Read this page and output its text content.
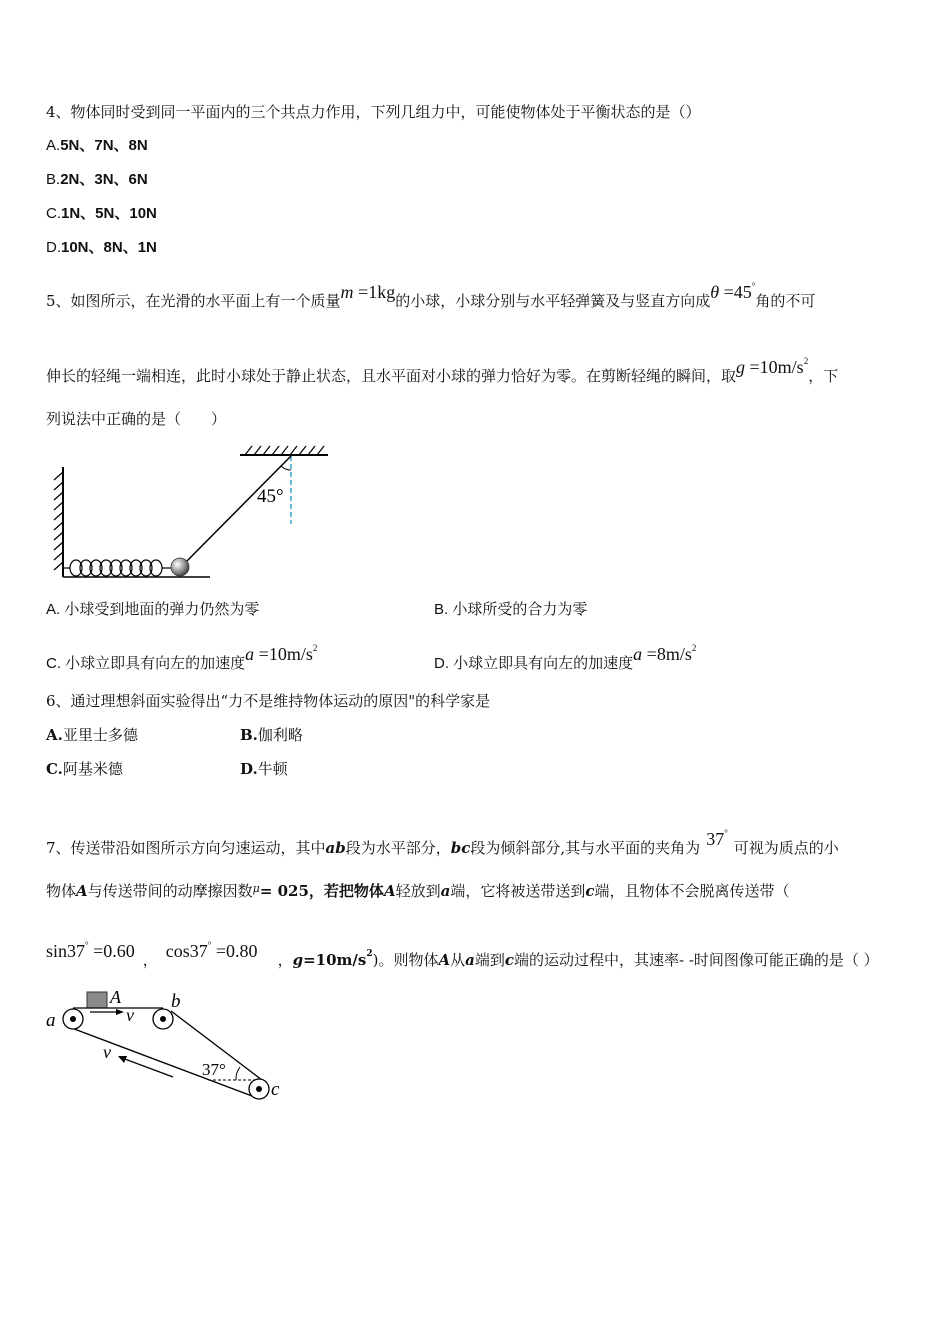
4、物体同时受到同一平面内的三个共点力作用，下列几组力中，可能使物体处于平衡状态的是（）
A.5N、7N、8N
B.2N、3N、6N
C.1N、5N、10N
D.10N、8N、1N
5、如图所示，在光滑的水平面上有一个质量m =1kg的小球，小球分别与水平轻弹簧及与竖直方向成θ =45°角的不可
伸长的轻绳一端相连，此时小球处于静止状态，且水平面对小球的弹力恰好为零。在剪断轻绳的瞬间，取$g =10m/s^2$，下
列说法中正确的是（　　）
45°
A. 小球受到地面的弹力仍然为零	B. 小球所受的合力为零
C. 小球立即具有向左的加速度$a =10m/s^2$
D. 小球立即具有向左的加速度$a =8m/s^2$
6、通过理想斜面实验得出“力不是维持物体运动的原因"的科学家是
A.亚里士多德	B.伽利略
C.阿基米德	D.牛顿
7、传送带沿如图所示方向匀速运动，其中ab段为水平部分，bc段为倾斜部分,其与水平面的夹角为 37°可视为质点的小
物体A与传送带间的动摩擦因数$^\mu$= 025，若把物体A轻放到a端，它将被送带送到c端，且物体不会脱离传送带（
sin37° =0.60 ， cos37° =0.80 ，$g=10m/s^2$)。则物体A从a端到c端的运动过程中，其速率- -时间图像可能正确的是（ ）
A
v
b
a
c
37°
v
